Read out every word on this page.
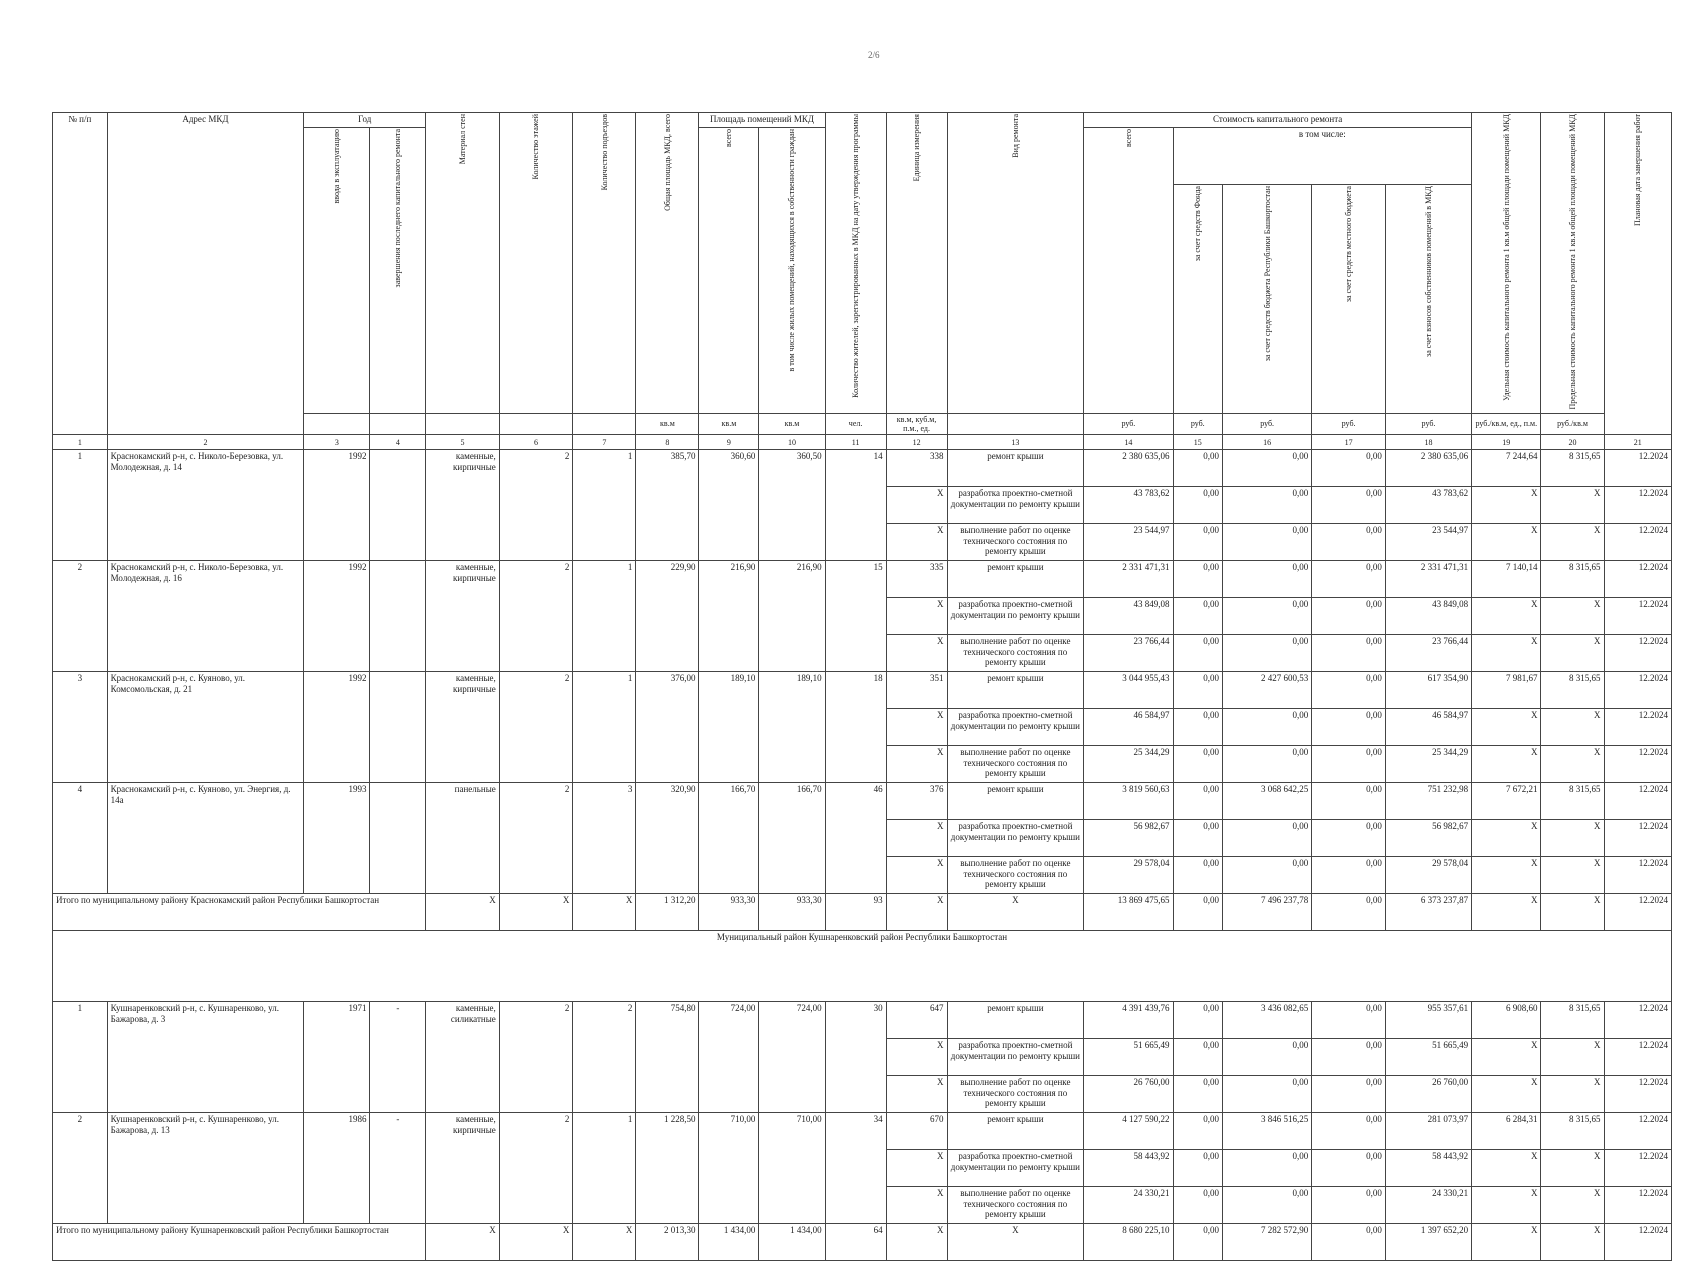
2/6
№ п/п	Адрес МКД	Год		Материал стен	Количество этажей	Количество подъездов	Общая площадь МКД, всего	Площадь помещений МКД		Количество жителей, зарегистрированных в МКД на дату утверждения программы	Единица измерения	Вид ремонта	Стоимость капитального ремонта					Удельная стоимость капитального ремонта 1 кв.м общей площади помещений МКД	Предельная стоимость капитального ремонта 1 кв.м общей площади помещений МКД	Плановая дата завершения работ
		ввода в эксплуатацию	завершения последнего капитального ремонта					всего	в том числе жилых помещений, находящихся в собственности граждан				всего	в том числе:						
														за счет средств Фонда	за счет средств бюджета Республики Башкортостан	за счет средств местного бюджета	за счет взносов собственников помещений в МКД			
							кв.м	кв.м	кв.м	чел.	кв.м, куб.м, п.м., ед.		руб.	руб.	руб.	руб.	руб.	руб./кв.м, ед., п.м.	руб./кв.м	
1	2	3	4	5	6	7	8	9	10	11	12	13	14	15	16	17	18	19	20	21
1	Краснокамский р-н, с. Николо-Березовка, ул. Молодежная, д. 14	1992		каменные, кирпичные	2	1	385,70	360,60	360,50	14	338	ремонт крыши	2 380 635,06	0,00	0,00	0,00	2 380 635,06	7 244,64	8 315,65	12.2024
											X	разработка проектно-сметной документации по ремонту крыши	43 783,62	0,00	0,00	0,00	43 783,62	X	X	12.2024
											X	выполнение работ по оценке технического состояния по ремонту крыши	23 544,97	0,00	0,00	0,00	23 544,97	X	X	12.2024
2	Краснокамский р-н, с. Николо-Березовка, ул. Молодежная, д. 16	1992		каменные, кирпичные	2	1	229,90	216,90	216,90	15	335	ремонт крыши	2 331 471,31	0,00	0,00	0,00	2 331 471,31	7 140,14	8 315,65	12.2024
											X	разработка проектно-сметной документации по ремонту крыши	43 849,08	0,00	0,00	0,00	43 849,08	X	X	12.2024
											X	выполнение работ по оценке технического состояния по ремонту крыши	23 766,44	0,00	0,00	0,00	23 766,44	X	X	12.2024
3	Краснокамский р-н, с. Куяново, ул. Комсомольская, д. 21	1992		каменные, кирпичные	2	1	376,00	189,10	189,10	18	351	ремонт крыши	3 044 955,43	0,00	2 427 600,53	0,00	617 354,90	7 981,67	8 315,65	12.2024
											X	разработка проектно-сметной документации по ремонту крыши	46 584,97	0,00	0,00	0,00	46 584,97	X	X	12.2024
											X	выполнение работ по оценке технического состояния по ремонту крыши	25 344,29	0,00	0,00	0,00	25 344,29	X	X	12.2024
4	Краснокамский р-н, с. Куяново, ул. Энергия, д. 14а	1993		панельные	2	3	320,90	166,70	166,70	46	376	ремонт крыши	3 819 560,63	0,00	3 068 642,25	0,00	751 232,98	7 672,21	8 315,65	12.2024
											X	разработка проектно-сметной документации по ремонту крыши	56 982,67	0,00	0,00	0,00	56 982,67	X	X	12.2024
											X	выполнение работ по оценке технического состояния по ремонту крыши	29 578,04	0,00	0,00	0,00	29 578,04	X	X	12.2024
Итого по муниципальному району Краснокамский район Республики Башкортостан				X	X	X	1 312,20	933,30	933,30	93	X	X	13 869 475,65	0,00	7 496 237,78	0,00	6 373 237,87	X	X	12.2024
Муниципальный район Кушнаренковский район Республики Башкортостан																				
1	Кушнаренковский р-н, с. Кушнаренково, ул. Бажарова, д. 3	1971	-	каменные, силикатные	2	2	754,80	724,00	724,00	30	647	ремонт крыши	4 391 439,76	0,00	3 436 082,65	0,00	955 357,61	6 908,60	8 315,65	12.2024
											X	разработка проектно-сметной документации по ремонту крыши	51 665,49	0,00	0,00	0,00	51 665,49	X	X	12.2024
											X	выполнение работ по оценке технического состояния по ремонту крыши	26 760,00	0,00	0,00	0,00	26 760,00	X	X	12.2024
2	Кушнаренковский р-н, с. Кушнаренково, ул. Бажарова, д. 13	1986	-	каменные, кирпичные	2	1	1 228,50	710,00	710,00	34	670	ремонт крыши	4 127 590,22	0,00	3 846 516,25	0,00	281 073,97	6 284,31	8 315,65	12.2024
											X	разработка проектно-сметной документации по ремонту крыши	58 443,92	0,00	0,00	0,00	58 443,92	X	X	12.2024
											X	выполнение работ по оценке технического состояния по ремонту крыши	24 330,21	0,00	0,00	0,00	24 330,21	X	X	12.2024
Итого по муниципальному району Кушнаренковский район Республики Башкортостан				X	X	X	2 013,30	1 434,00	1 434,00	64	X	X	8 680 225,10	0,00	7 282 572,90	0,00	1 397 652,20	X	X	12.2024
